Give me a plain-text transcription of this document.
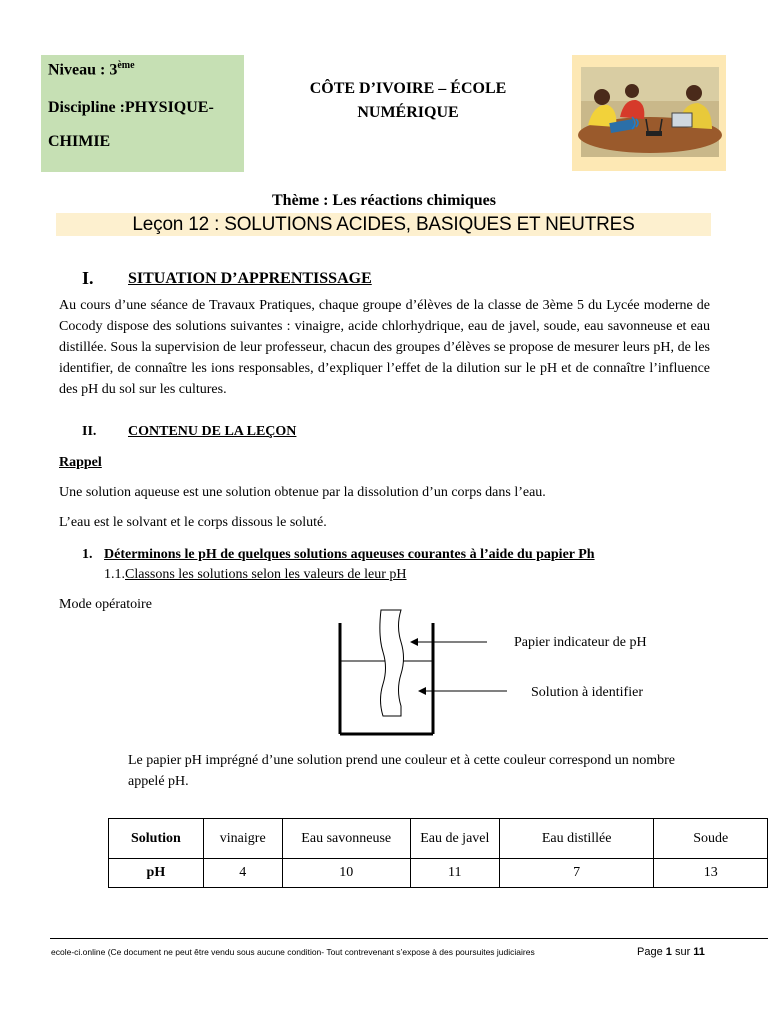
Niveau : 3ème
Discipline :PHYSIQUE-
CHIMIE
CÔTE D’IVOIRE – ÉCOLE
NUMÉRIQUE
Thème : Les réactions chimiques
Leçon 12 : SOLUTIONS ACIDES, BASIQUES ET NEUTRES
I. SITUATION D’APPRENTISSAGE
Au cours d’une séance de Travaux Pratiques, chaque groupe d’élèves de la classe de 3ème 5 du Lycée moderne de Cocody dispose des solutions suivantes : vinaigre, acide chlorhydrique, eau de javel, soude, eau savonneuse et eau distillée. Sous la supervision de leur professeur, chacun des groupes d’élèves se propose de mesurer leurs pH, de les identifier, de connaître les ions responsables, d’expliquer l’effet de la dilution sur le pH et de connaître l’influence des pH du sol sur les cultures.
II. CONTENU DE LA LEÇON
Rappel
Une solution aqueuse est une solution obtenue par la dissolution d’un corps dans l’eau.
L’eau est le solvant et le corps dissous le soluté.
1. Déterminons le pH de quelques solutions aqueuses courantes à l’aide du papier Ph
1.1.Classons les solutions selon les valeurs de leur pH
Mode opératoire
Papier indicateur de pH
Solution à identifier
Le papier pH imprégné d’une solution prend une couleur et à cette couleur correspond un nombre appelé pH.
Solution	vinaigre	Eau savonneuse	Eau de javel	Eau distillée	Soude
pH	4	10	11	7	13
ecole-ci.online (Ce document ne peut être vendu sous aucune condition- Tout contrevenant s’expose à des poursuites judiciaires	Page 1 sur 11
